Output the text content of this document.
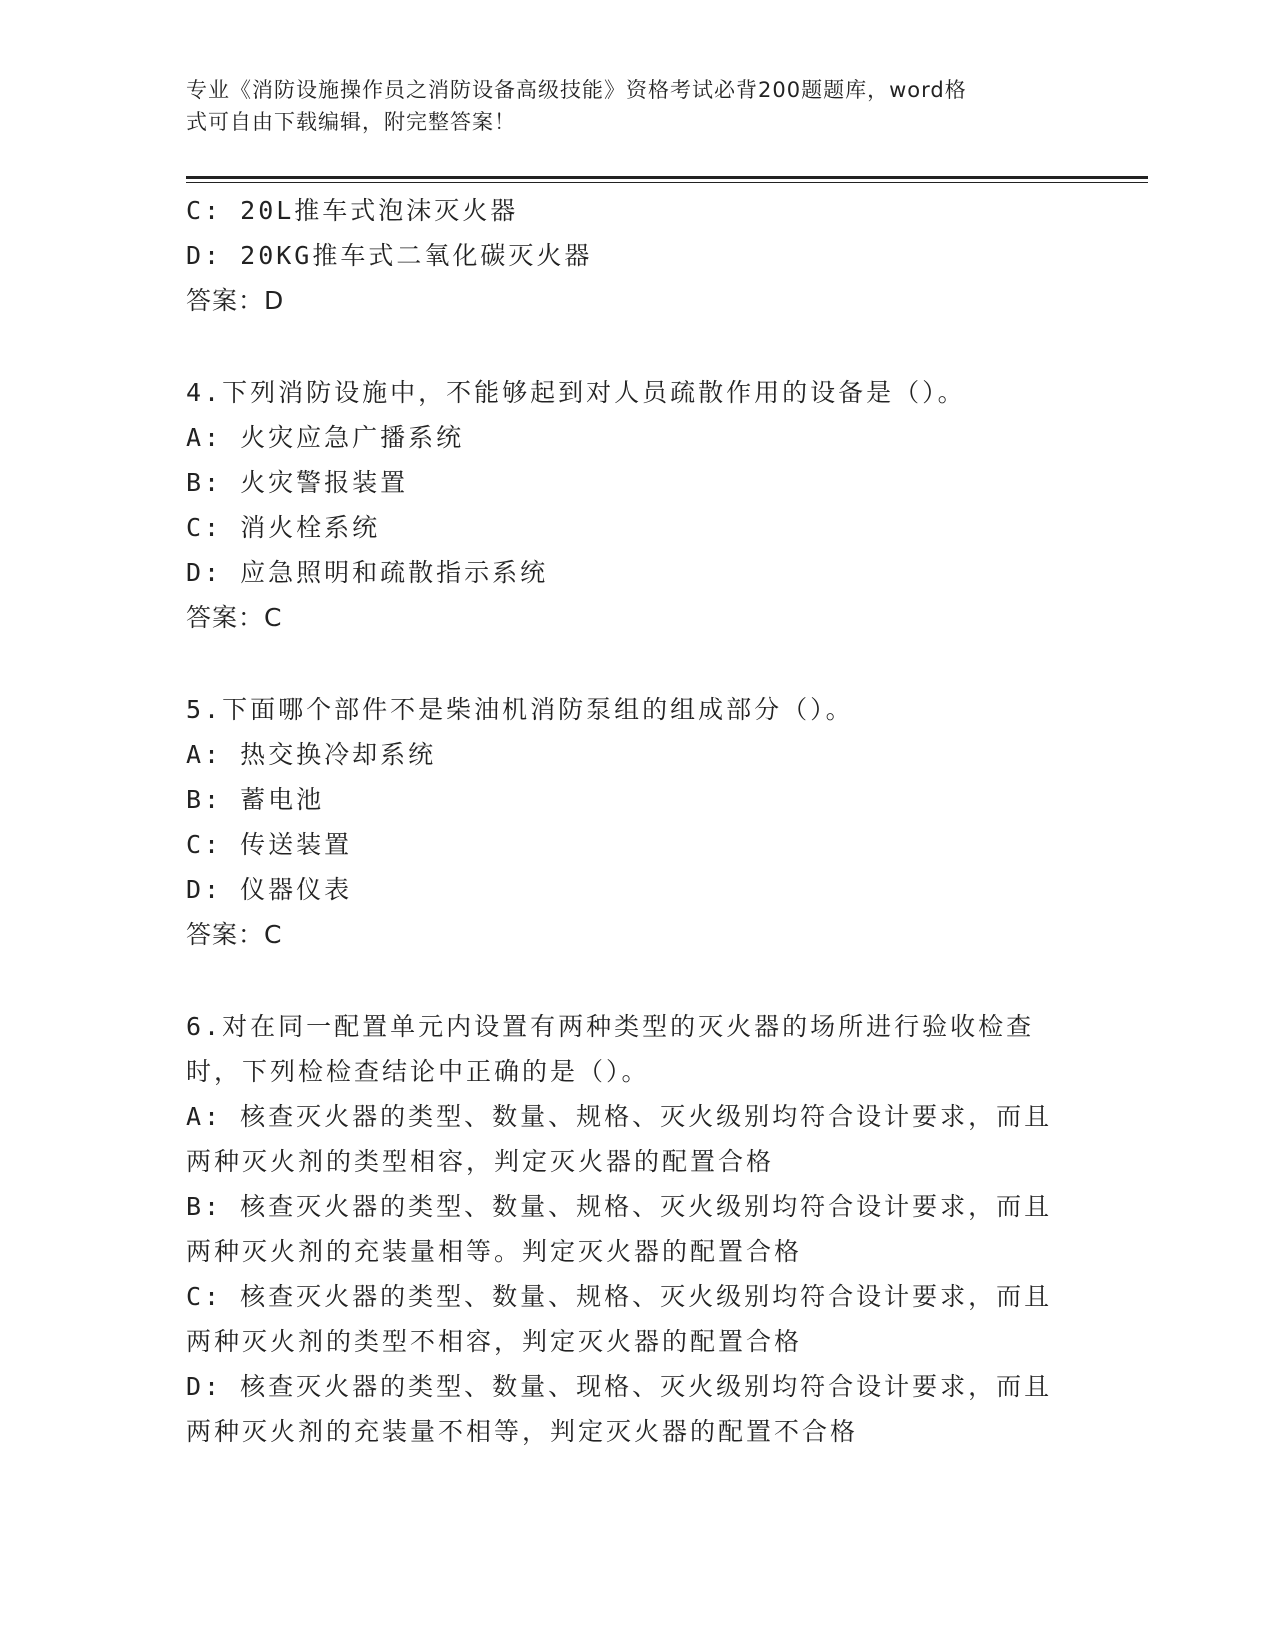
专业《消防设施操作员之消防设备高级技能》资格考试必背200题题库，word格
式可自由下载编辑，附完整答案！
C: 20L推车式泡沫灭火器
D: 20KG推车式二氧化碳灭火器
答案：D
4.下列消防设施中，不能够起到对人员疏散作用的设备是（）。
A: 火灾应急广播系统
B: 火灾警报装置
C: 消火栓系统
D: 应急照明和疏散指示系统
答案：C
5.下面哪个部件不是柴油机消防泵组的组成部分（）。
A: 热交换冷却系统
B: 蓄电池
C: 传送装置
D: 仪器仪表
答案：C
6.对在同一配置单元内设置有两种类型的灭火器的场所进行验收检查
时，下列检检查结论中正确的是（）。
A: 核查灭火器的类型、数量、规格、灭火级别均符合设计要求，而且
两种灭火剂的类型相容，判定灭火器的配置合格
B: 核查灭火器的类型、数量、规格、灭火级别均符合设计要求，而且
两种灭火剂的充装量相等。判定灭火器的配置合格
C: 核查灭火器的类型、数量、规格、灭火级别均符合设计要求，而且
两种灭火剂的类型不相容，判定灭火器的配置合格
D: 核查灭火器的类型、数量、现格、灭火级别均符合设计要求，而且
两种灭火剂的充装量不相等，判定灭火器的配置不合格
